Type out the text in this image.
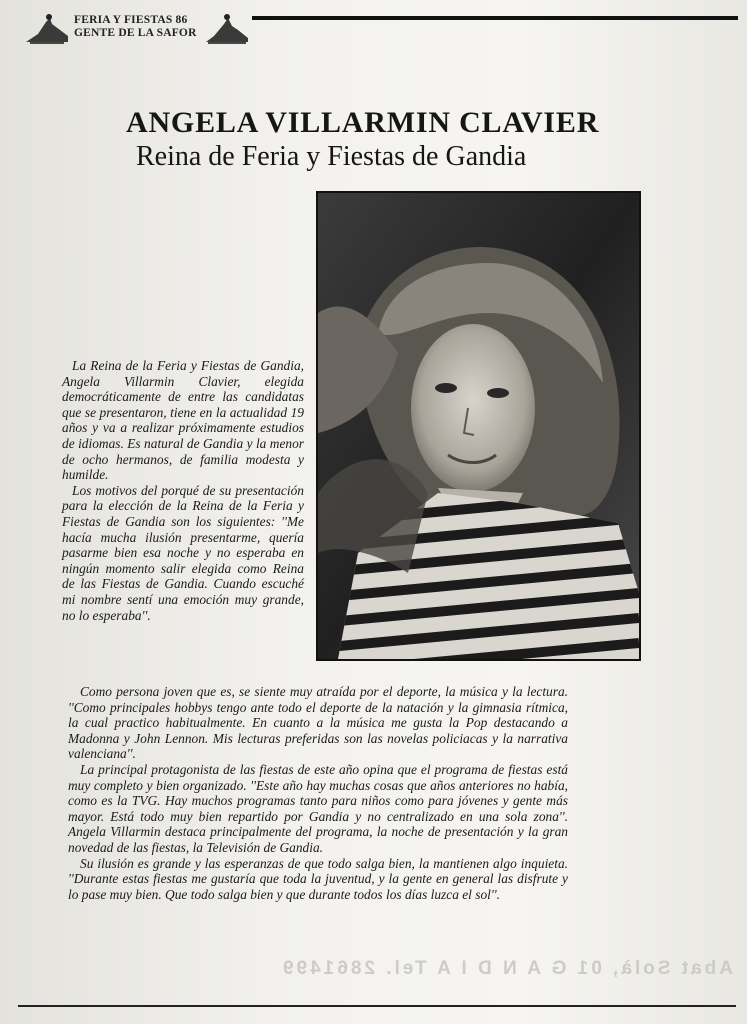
FERIA Y FIESTAS 86
GENTE DE LA SAFOR
ANGELA VILLARMIN CLAVIER
Reina de Feria y Fiestas de Gandia

La Reina de la Feria y Fiestas de Gandia, Angela Villarmin Clavier, elegida democráticamente de entre las candidatas que se presentaron, tiene en la actualidad 19 años y va a realizar próximamente estudios de idiomas. Es natural de Gandia y la menor de ocho hermanos, de familia modesta y humilde.

Los motivos del porqué de su presentación para la elección de la Reina de la Feria y Fiestas de Gandia son los siguientes: ''Me hacía mucha ilusión presentarme, quería pasarme bien esa noche y no esperaba en ningún momento salir elegida como Reina de las Fiestas de Gandia. Cuando escuché mi nombre sentí una emoción muy grande, no lo esperaba''.

Como persona joven que es, se siente muy atraída por el deporte, la música y la lectura. ''Como principales hobbys tengo ante todo el deporte de la natación y la gimnasia rítmica, la cual practico habitualmente. En cuanto a la música me gusta la Pop destacando a Madonna y John Lennon. Mis lecturas preferidas son las novelas policiacas y la narrativa valenciana''.

La principal protagonista de las fiestas de este año opina que el programa de fiestas está muy completo y bien organizado. ''Este año hay muchas cosas que años anteriores no había, como es la TVG. Hay muchos programas tanto para niños como para jóvenes y gente más mayor. Está todo muy bien repartido por Gandia y no centralizado en una sola zona''. Angela Villarmin destaca principalmente del programa, la noche de presentación y la gran novedad de las fiestas, la Televisión de Gandia.

Su ilusión es grande y las esperanzas de que todo salga bien, la mantienen algo inquieta. ''Durante estas fiestas me gustaría que toda la juventud, y la gente en general las disfrute y lo pase muy bien. Que todo salga bien y que durante todos los días luzca el sol''.

Abat Solà, 01 G A N D I A Tel. 2861499
